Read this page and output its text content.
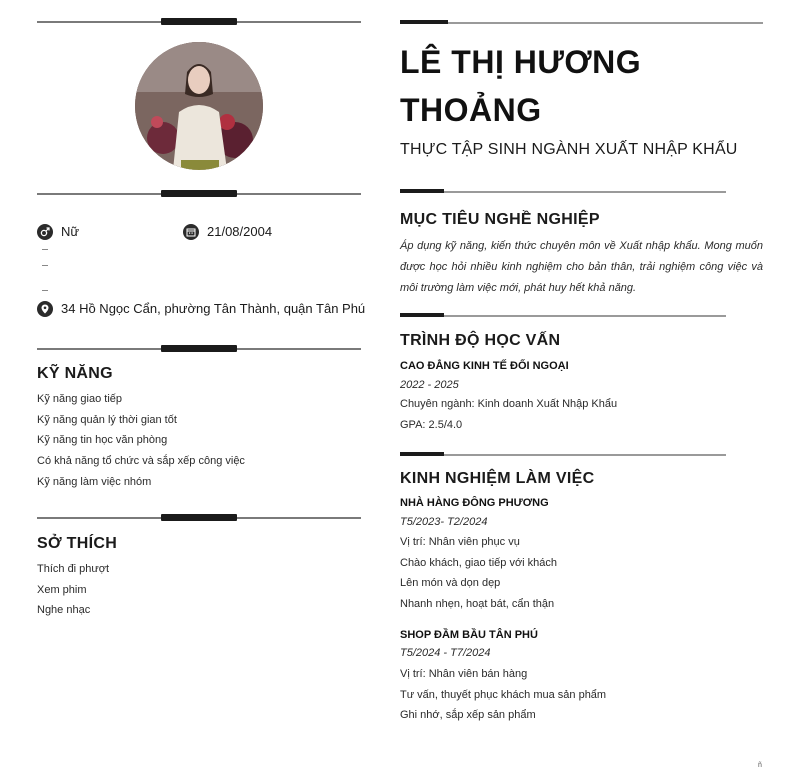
Nữ	21/08/2004
34 Hồ Ngọc Cẩn, phường Tân Thành, quận Tân Phú
KỸ NĂNG
Kỹ năng giao tiếp
Kỹ năng quản lý thời gian tốt
Kỹ năng tin học văn phòng
Có khả năng tổ chức và sắp xếp công việc
Kỹ năng làm việc nhóm
SỞ THÍCH
Thích đi phượt
Xem phim
Nghe nhạc
LÊ THỊ HƯƠNG THOẢNG
THỰC TẬP SINH NGÀNH XUẤT NHẬP KHẨU
MỤC TIÊU NGHỀ NGHIỆP
Áp dụng kỹ năng, kiến thức chuyên môn về Xuất nhập khẩu. Mong muốn được học hỏi nhiều kinh nghiệm cho bản thân, trải nghiệm công việc và môi trường làm việc mới, phát huy hết khả năng.
TRÌNH ĐỘ HỌC VẤN
CAO ĐẲNG KINH TẾ ĐỐI NGOẠI
2022 - 2025
Chuyên ngành: Kinh doanh Xuất Nhập Khẩu
GPA: 2.5/4.0
KINH NGHIỆM LÀM VIỆC
NHÀ HÀNG ĐÔNG PHƯƠNG
T5/2023- T2/2024
Vị trí: Nhân viên phục vụ
Chào khách, giao tiếp với khách
Lên món và dọn dẹp
Nhanh nhẹn, hoạt bát, cẩn thận
SHOP ĐẦM BẦU TÂN PHÚ
T5/2024 - T7/2024
Vị trí: Nhân viên bán hàng
Tư vấn, thuyết phục khách mua sản phẩm
Ghi nhớ, sắp xếp sản phẩm
ñ
